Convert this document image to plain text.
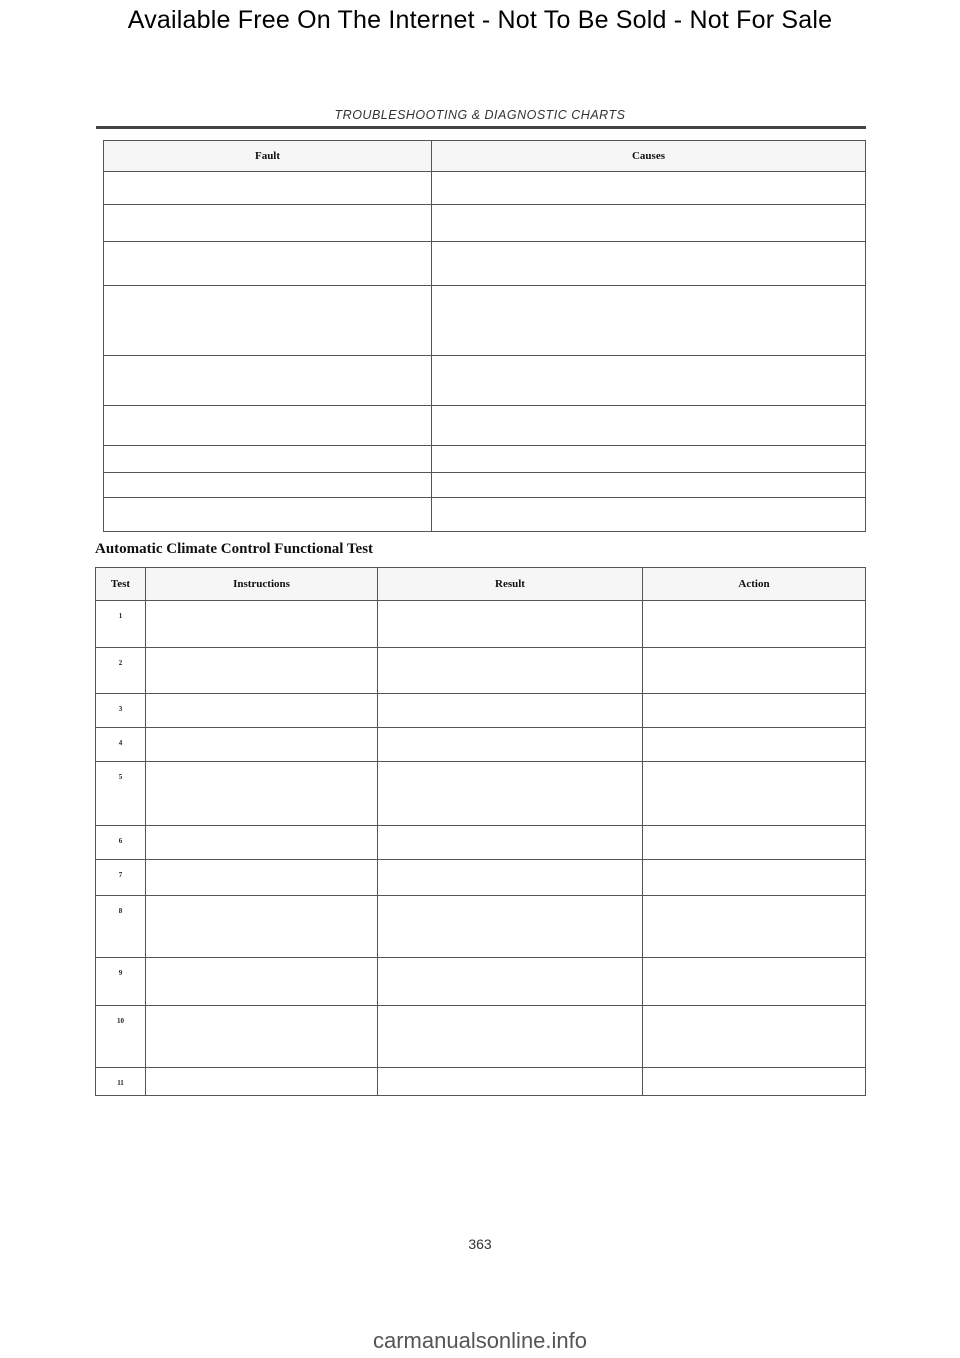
Available Free On The Internet - Not To Be Sold - Not For Sale
TROUBLESHOOTING & DIAGNOSTIC CHARTS
Fault	Causes

Automatic Climate Control Functional Test
Test	Instructions	Result	Action
1			
2			
3			
4			
5			
6			
7			
8			
9			
10			
11			
363
carmanualsonline.info
